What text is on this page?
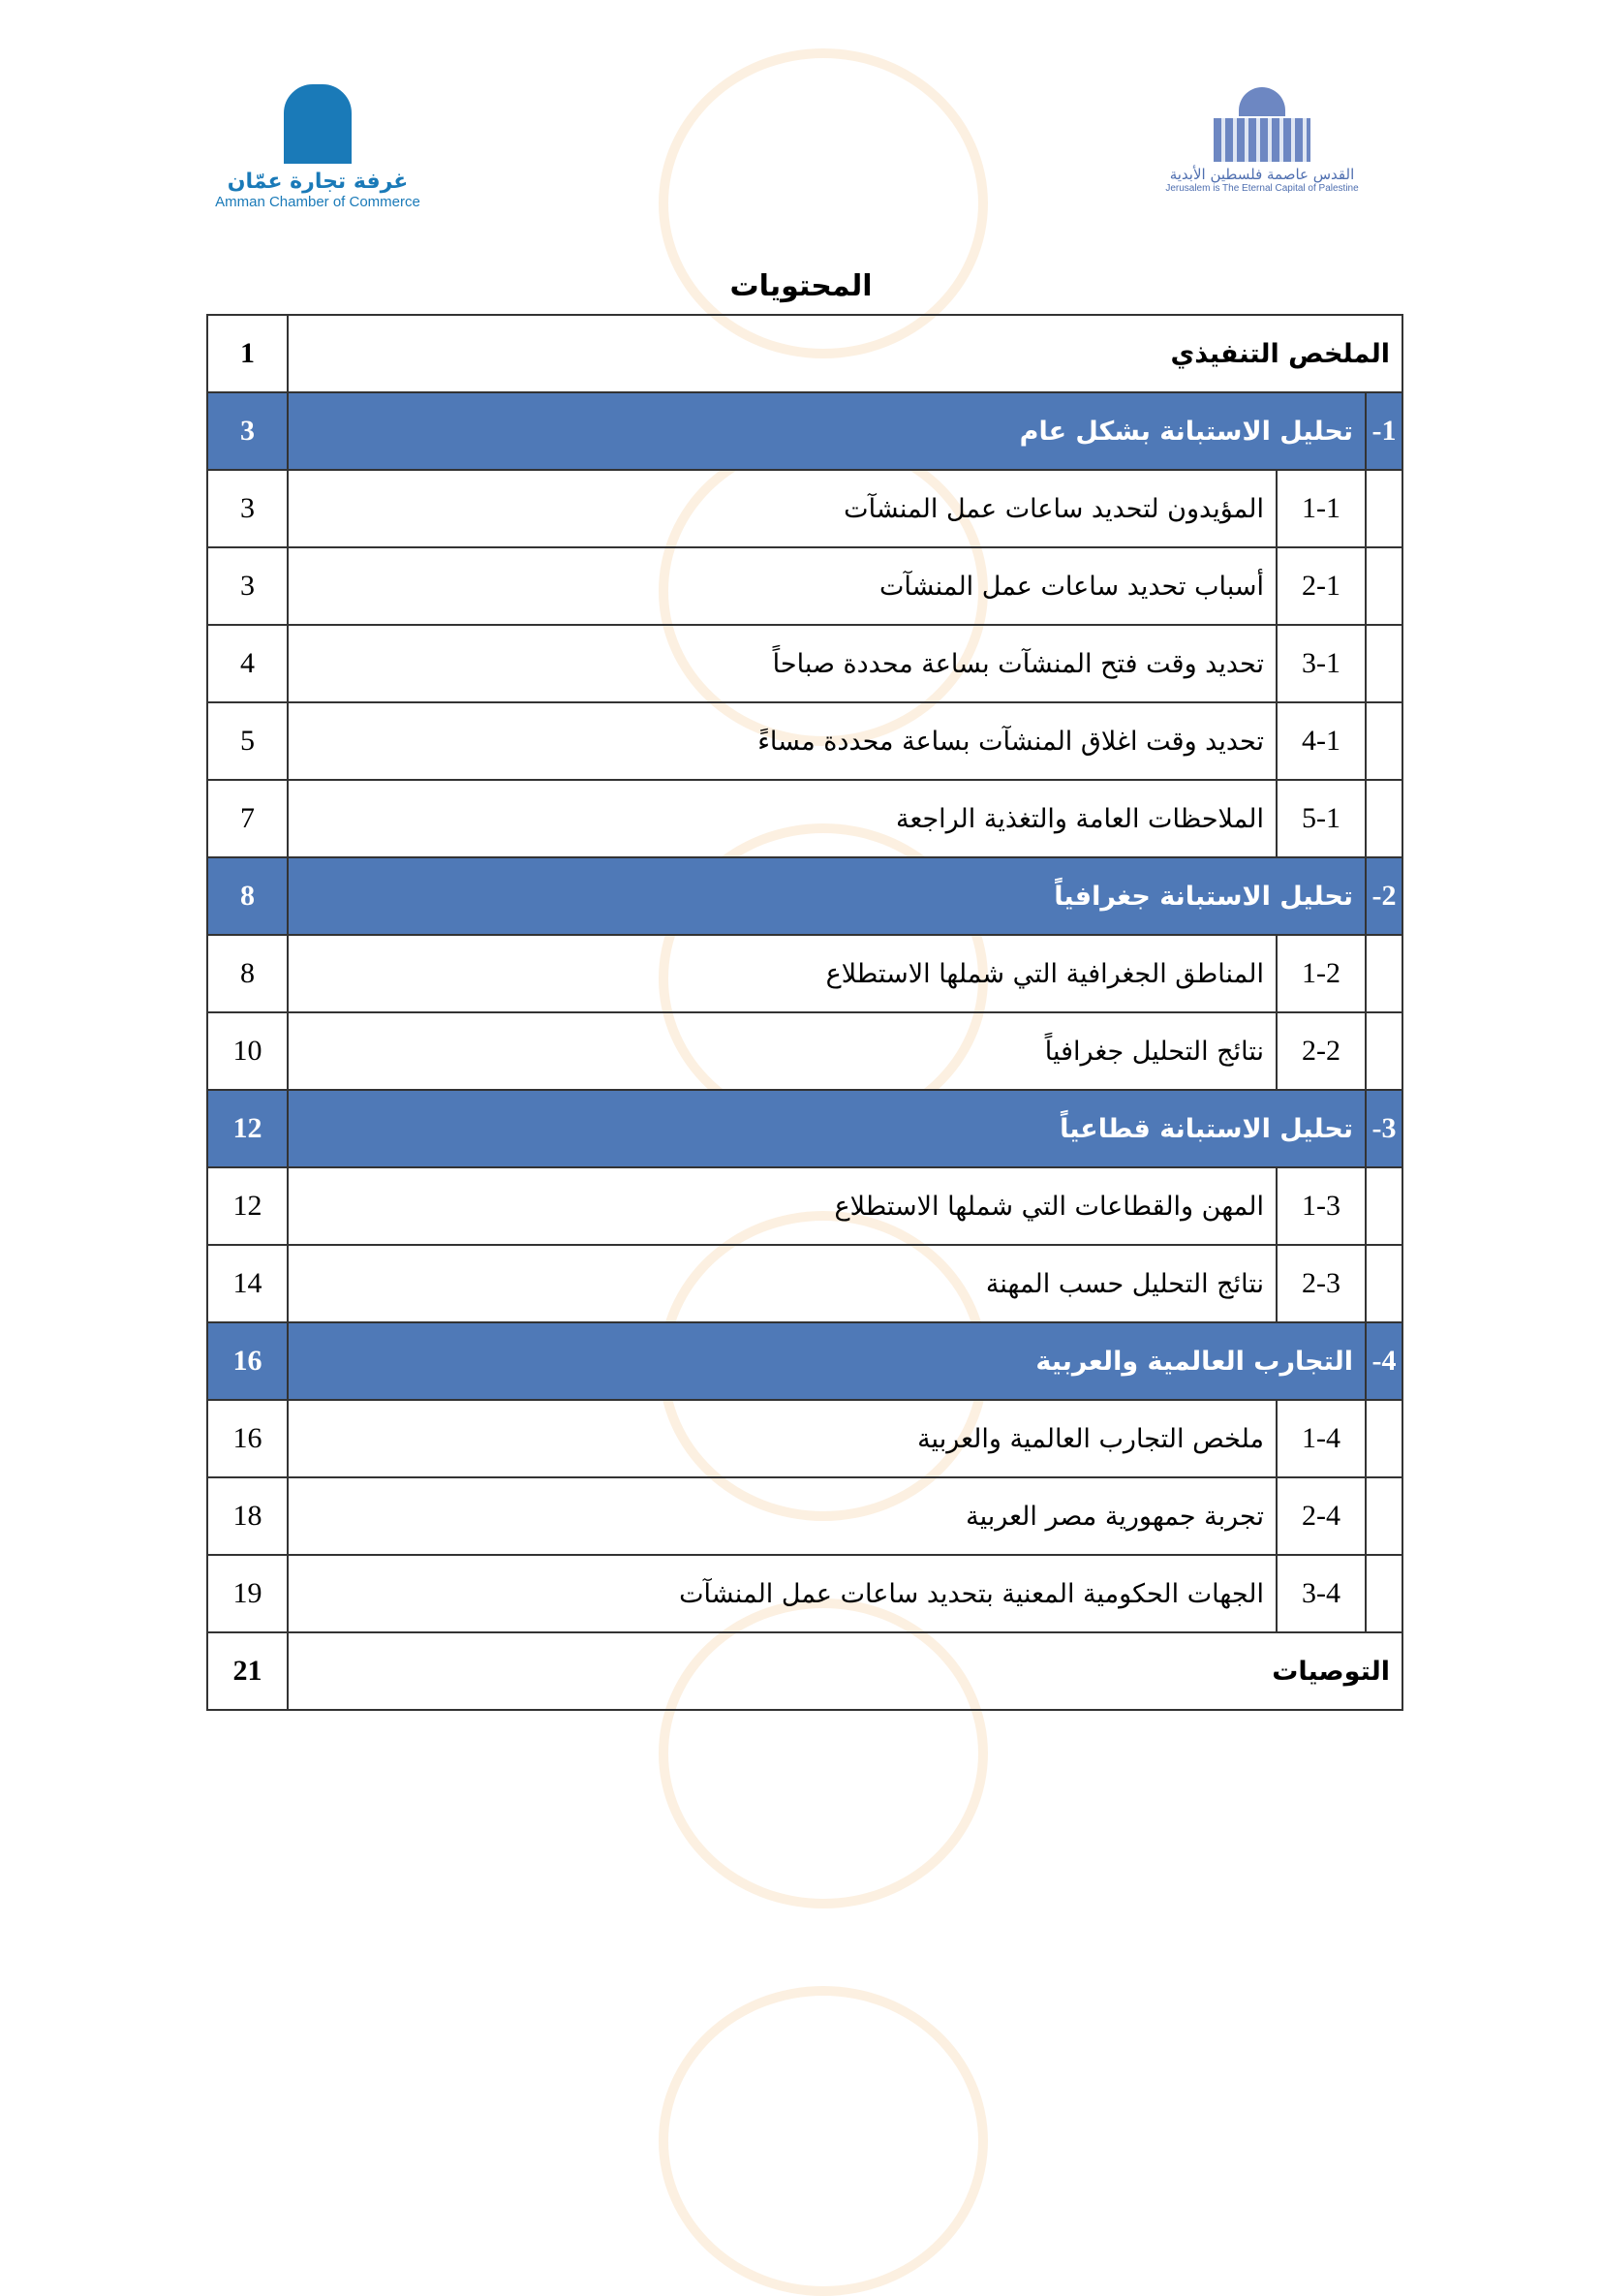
غرفة تجارة عمّان
Amman Chamber of Commerce
القدس عاصمة فلسطين الأبدية
Jerusalem is The Eternal Capital of Palestine
المحتويات
الملخص التنفيذي			1
-1	تحليل الاستبانة بشكل عام		3
	1-1	المؤيدون لتحديد ساعات عمل المنشآت	3
	2-1	أسباب تحديد ساعات عمل المنشآت	3
	3-1	تحديد وقت فتح المنشآت بساعة محددة صباحاً	4
	4-1	تحديد وقت اغلاق المنشآت بساعة محددة مساءً	5
	5-1	الملاحظات العامة والتغذية الراجعة	7
-2	تحليل الاستبانة جغرافياً		8
	1-2	المناطق الجغرافية التي شملها الاستطلاع	8
	2-2	نتائج التحليل جغرافياً	10
-3	تحليل الاستبانة قطاعياً		12
	1-3	المهن والقطاعات التي شملها الاستطلاع	12
	2-3	نتائج التحليل حسب المهنة	14
-4	التجارب العالمية والعربية		16
	1-4	ملخص التجارب العالمية والعربية	16
	2-4	تجربة جمهورية مصر العربية	18
	3-4	الجهات الحكومية المعنية بتحديد ساعات عمل المنشآت	19
التوصيات			21
